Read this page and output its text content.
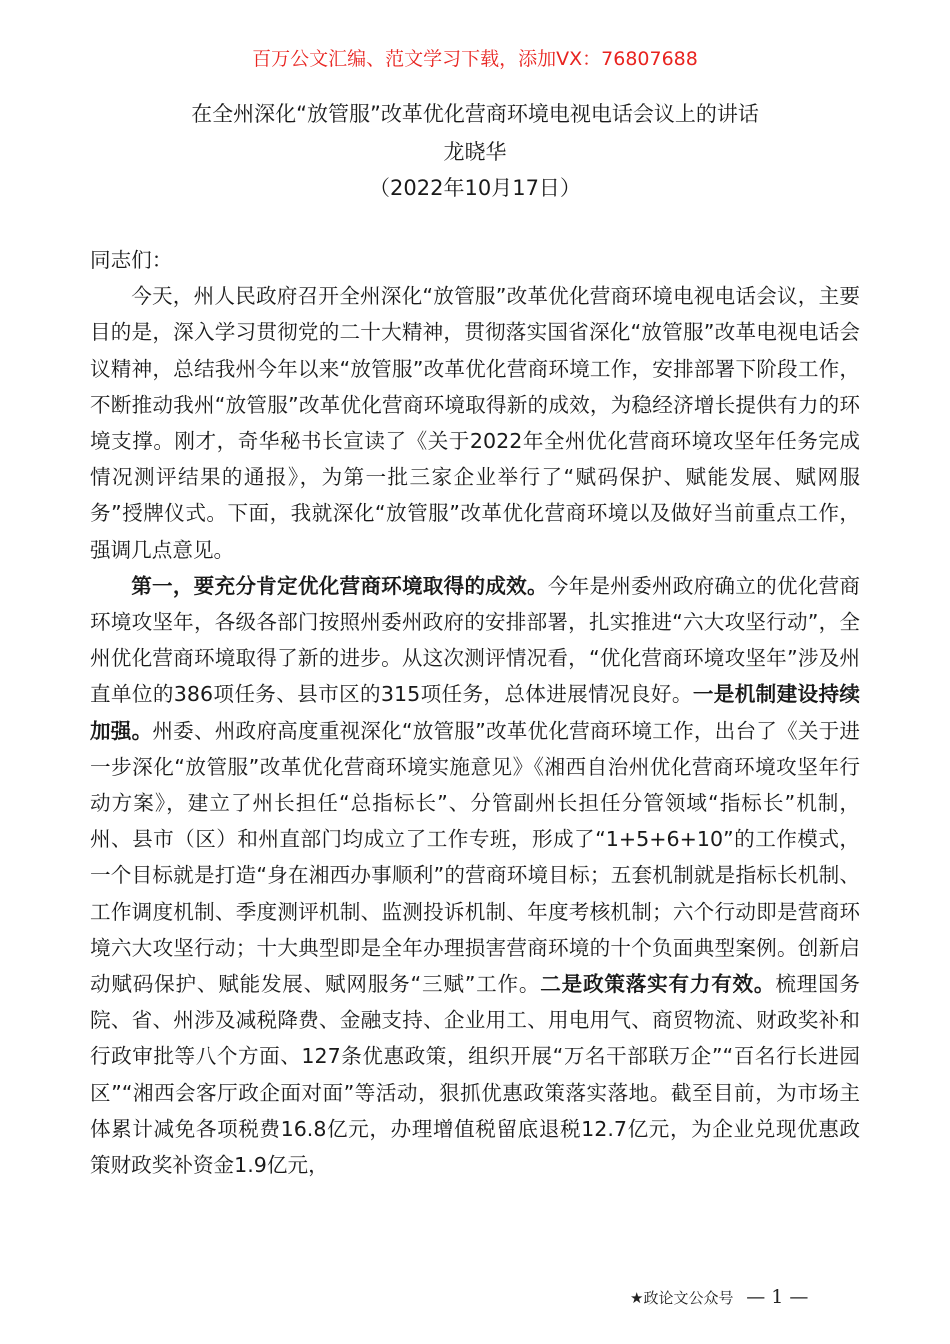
百万公文汇编、范文学习下载，添加VX：76807688
在全州深化“放管服”改革优化营商环境电视电话会议上的讲话
龙晓华
（2022年10月17日）

同志们：

今天，州人民政府召开全州深化“放管服”改革优化营商环境电视电话会议，主要目的是，深入学习贯彻党的二十大精神，贯彻落实国省深化“放管服”改革电视电话会议精神，总结我州今年以来“放管服”改革优化营商环境工作，安排部署下阶段工作，不断推动我州“放管服”改革优化营商环境取得新的成效，为稳经济增长提供有力的环境支撑。刚才，奇华秘书长宣读了《关于2022年全州优化营商环境攻坚年任务完成情况测评结果的通报》，为第一批三家企业举行了“赋码保护、赋能发展、赋网服务”授牌仪式。下面，我就深化“放管服”改革优化营商环境以及做好当前重点工作，强调几点意见。

第一，要充分肯定优化营商环境取得的成效。今年是州委州政府确立的优化营商环境攻坚年，各级各部门按照州委州政府的安排部署，扎实推进“六大攻坚行动”，全州优化营商环境取得了新的进步。从这次测评情况看，“优化营商环境攻坚年”涉及州直单位的386项任务、县市区的315项任务，总体进展情况良好。一是机制建设持续加强。州委、州政府高度重视深化“放管服”改革优化营商环境工作，出台了《关于进一步深化“放管服”改革优化营商环境实施意见》《湘西自治州优化营商环境攻坚年行动方案》，建立了州长担任“总指标长”、分管副州长担任分管领域“指标长”机制，州、县市（区）和州直部门均成立了工作专班，形成了“1+5+6+10”的工作模式，一个目标就是打造“身在湘西办事顺利”的营商环境目标；五套机制就是指标长机制、工作调度机制、季度测评机制、监测投诉机制、年度考核机制；六个行动即是营商环境六大攻坚行动；十大典型即是全年办理损害营商环境的十个负面典型案例。创新启动赋码保护、赋能发展、赋网服务“三赋”工作。二是政策落实有力有效。梳理国务院、省、州涉及减税降费、金融支持、企业用工、用电用气、商贸物流、财政奖补和行政审批等八个方面、127条优惠政策，组织开展“万名干部联万企”“百名行长进园区”“湘西会客厅政企面对面”等活动，狠抓优惠政策落实落地。截至目前，为市场主体累计减免各项税费16.8亿元，办理增值税留底退税12.7亿元，为企业兑现优惠政策财政奖补资金1.9亿元，

★政论文公众号 — 1 —
